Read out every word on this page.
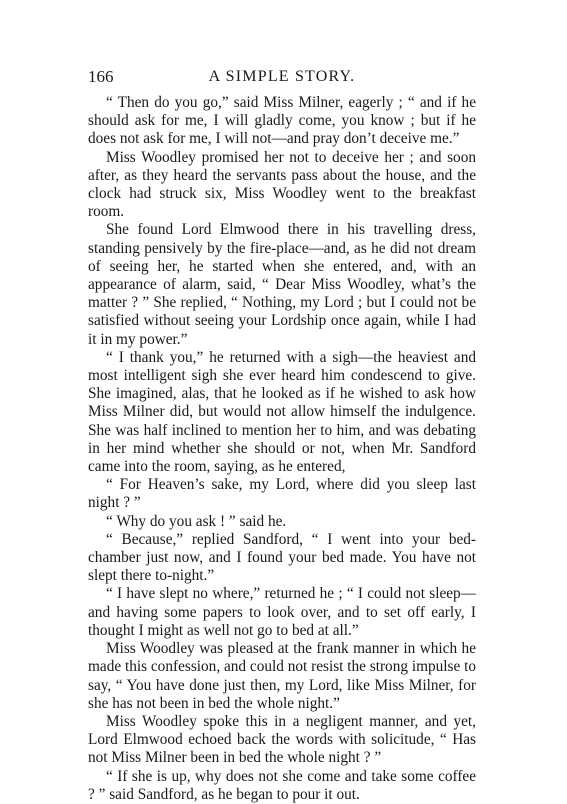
166	A SIMPLE STORY.

“ Then do you go,” said Miss Milner, eagerly ; “ and if he should ask for me, I will gladly come, you know ; but if he does not ask for me, I will not—and pray don’t deceive me.”

Miss Woodley promised her not to deceive her ; and soon after, as they heard the servants pass about the house, and the clock had struck six, Miss Woodley went to the breakfast room.

She found Lord Elmwood there in his travelling dress, standing pensively by the fire-place—and, as he did not dream of seeing her, he started when she entered, and, with an appearance of alarm, said, “ Dear Miss Woodley, what’s the matter ? ” She replied, “ Nothing, my Lord ; but I could not be satisfied without seeing your Lordship once again, while I had it in my power.”

“ I thank you,” he returned with a sigh—the heaviest and most intelligent sigh she ever heard him condescend to give. She imagined, alas, that he looked as if he wished to ask how Miss Milner did, but would not allow himself the indulgence. She was half inclined to mention her to him, and was debating in her mind whether she should or not, when Mr. Sandford came into the room, saying, as he entered,

“ For Heaven’s sake, my Lord, where did you sleep last night ? ”

“ Why do you ask ! ” said he.

“ Because,” replied Sandford, “ I went into your bed-chamber just now, and I found your bed made. You have not slept there to-night.”

“ I have slept no where,” returned he ; “ I could not sleep—and having some papers to look over, and to set off early, I thought I might as well not go to bed at all.”

Miss Woodley was pleased at the frank manner in which he made this confession, and could not resist the strong impulse to say, “ You have done just then, my Lord, like Miss Milner, for she has not been in bed the whole night.”

Miss Woodley spoke this in a negligent manner, and yet, Lord Elmwood echoed back the words with solicitude, “ Has not Miss Milner been in bed the whole night ? ”

“ If she is up, why does not she come and take some coffee ? ” said Sandford, as he began to pour it out.
